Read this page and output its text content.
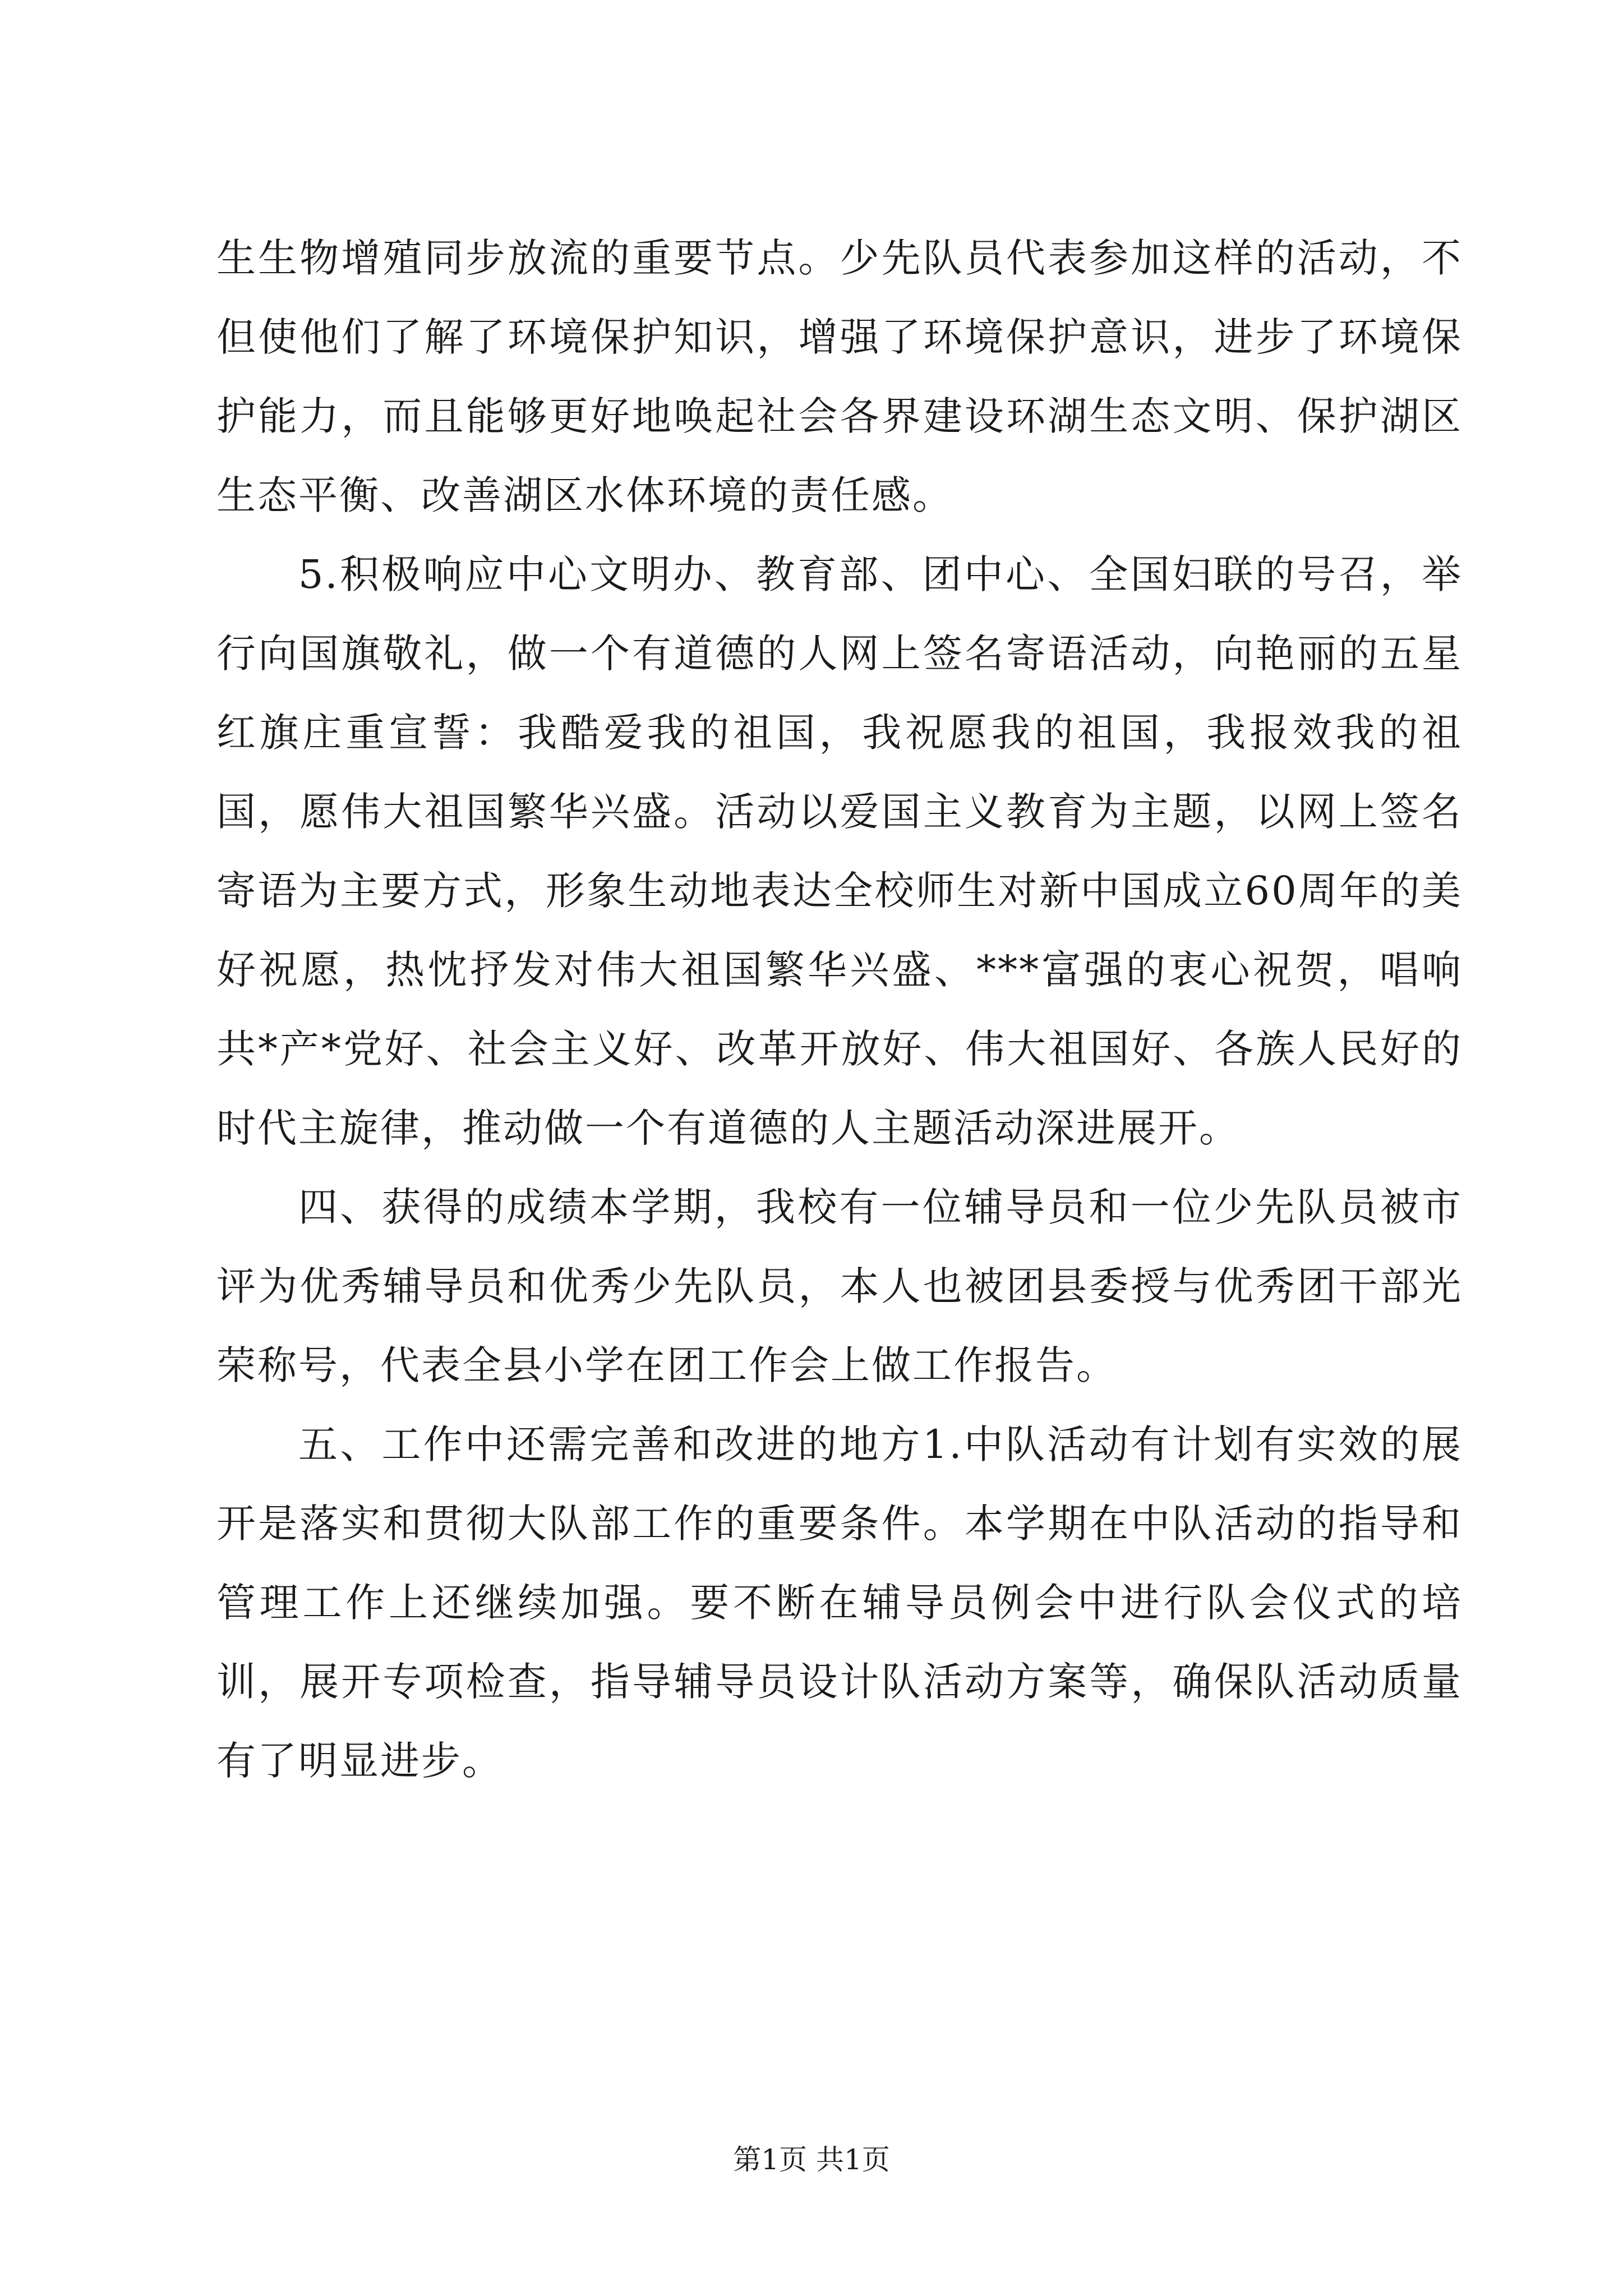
生生物增殖同步放流的重要节点。少先队员代表参加这样的活动，不但使他们了解了环境保护知识，增强了环境保护意识，进步了环境保护能力，而且能够更好地唤起社会各界建设环湖生态文明、保护湖区生态平衡、改善湖区水体环境的责任感。

5.积极响应中心文明办、教育部、团中心、全国妇联的号召，举行向国旗敬礼，做一个有道德的人网上签名寄语活动，向艳丽的五星红旗庄重宣誓：我酷爱我的祖国，我祝愿我的祖国，我报效我的祖国，愿伟大祖国繁华兴盛。活动以爱国主义教育为主题，以网上签名寄语为主要方式，形象生动地表达全校师生对新中国成立60周年的美好祝愿，热忱抒发对伟大祖国繁华兴盛、***富强的衷心祝贺，唱响共*产*党好、社会主义好、改革开放好、伟大祖国好、各族人民好的时代主旋律，推动做一个有道德的人主题活动深进展开。

四、获得的成绩本学期，我校有一位辅导员和一位少先队员被市评为优秀辅导员和优秀少先队员，本人也被团县委授与优秀团干部光荣称号，代表全县小学在团工作会上做工作报告。

五、工作中还需完善和改进的地方1.中队活动有计划有实效的展开是落实和贯彻大队部工作的重要条件。本学期在中队活动的指导和管理工作上还继续加强。要不断在辅导员例会中进行队会仪式的培训，展开专项检查，指导辅导员设计队活动方案等，确保队活动质量有了明显进步。

第1页 共1页
